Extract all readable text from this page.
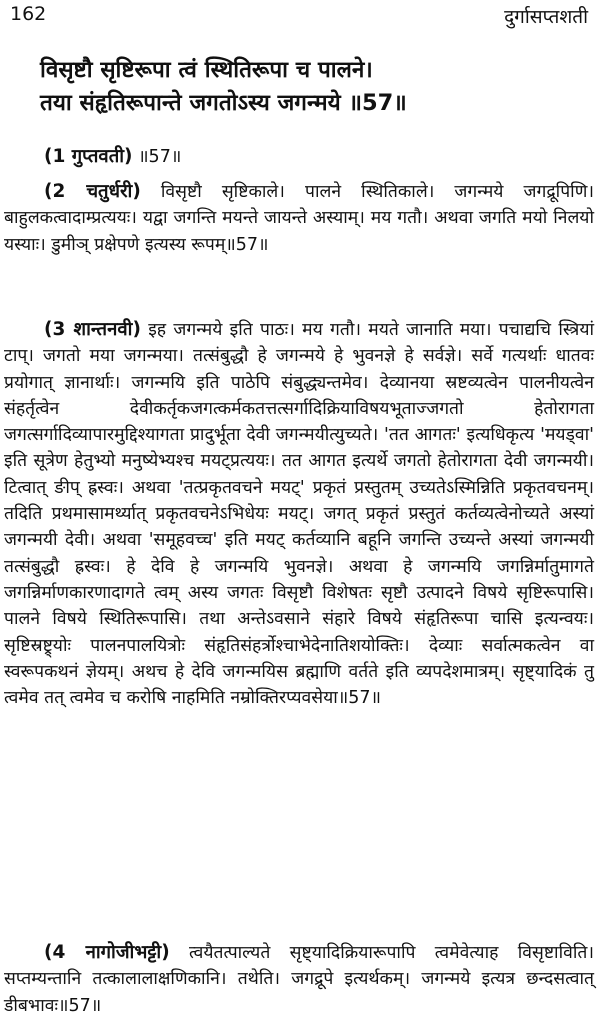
162	दुर्गासप्तशती
विसृष्टौ सृष्टिरूपा त्वं स्थितिरूपा च पालने।
तया संहृतिरूपान्ते जगतोऽस्य जगन्मये ॥57॥
(1 गुप्तवती) ॥57॥
(2 चतुर्धरी) विसृष्टौ सृष्टिकाले। पालने स्थितिकाले। जगन्मये जगद्रूपिणि। बाहुलकत्वादाम्प्रत्ययः। यद्वा जगन्ति मयन्ते जायन्ते अस्याम्। मय गतौ। अथवा जगति मयो निलयो यस्याः। डुमीञ् प्रक्षेपणे इत्यस्य रूपम्॥57॥
(3 शान्तनवी) इह जगन्मये इति पाठः। मय गतौ। मयते जानाति मया। पचाद्यचि स्त्रियां टाप्। जगतो मया जगन्मया। तत्संबुद्धौ हे जगन्मये हे भुवनज्ञे हे सर्वज्ञे। सर्वे गत्यर्थाः धातवः प्रयोगात् ज्ञानार्थाः। जगन्मयि इति पाठेपि संबुद्ध्यन्तमेव। देव्यानया स्रष्टव्यत्वेन पालनीयत्वेन संहर्तृत्वेन देवीकर्तृकजगत्कर्मकतत्तत्सर्गादिक्रियाविषयभूताज्जगतो हेतोरागता जगत्सर्गादिव्यापारमुद्दिश्यागता प्रादुर्भूता देवी जगन्मयीत्युच्यते। 'तत आगतः' इत्यधिकृत्य 'मयड्वा' इति सूत्रेण हेतुभ्यो मनुष्येभ्यश्च मयट्प्रत्ययः। तत आगत इत्यर्थे जगतो हेतोरागता देवी जगन्मयी। टित्वात् ङीप् ह्रस्वः। अथवा 'तत्प्रकृतवचने मयट्' प्रकृतं प्रस्तुतम् उच्यतेऽस्मिन्निति प्रकृतवचनम्। तदिति प्रथमासामर्थ्यात् प्रकृतवचनेऽभिधेयः मयट्। जगत् प्रकृतं प्रस्तुतं कर्तव्यत्वेनोच्यते अस्यां जगन्मयी देवी। अथवा 'समूहवच्च' इति मयट् कर्तव्यानि बहूनि जगन्ति उच्यन्ते अस्यां जगन्मयी तत्संबुद्धौ ह्रस्वः। हे देवि हे जगन्मयि भुवनज्ञे। अथवा हे जगन्मयि जगन्निर्मातुमागते जगन्निर्माणकारणादागते त्वम् अस्य जगतः विसृष्टौ विशेषतः सृष्टौ उत्पादने विषये सृष्टिरूपासि। पालने विषये स्थितिरूपासि। तथा अन्तेऽवसाने संहारे विषये संहृतिरूपा चासि इत्यन्वयः। सृष्टिस्रष्ट्र्योः पालनपालयित्रोः संहृतिसंहर्त्रोश्चाभेदेनातिशयोक्तिः। देव्याः सर्वात्मकत्वेन वा स्वरूपकथनं ज्ञेयम्। अथच हे देवि जगन्मयिस ब्रह्माणि वर्तते इति व्यपदेशमात्रम्। सृष्ट्यादिकं तु त्वमेव तत् त्वमेव च करोषि नाहमिति नम्रोक्तिरप्यवसेया॥57॥
(4 नागोजीभट्टी) त्वयैतत्पाल्यते सृष्ट्यादिक्रियारूपापि त्वमेवेत्याह विसृष्टाविति। सप्तम्यन्तानि तत्कालालाक्षणिकानि। तथेति। जगद्रूपे इत्यर्थकम्। जगन्मये इत्यत्र छन्दसत्वात् डीबभावः॥57॥
